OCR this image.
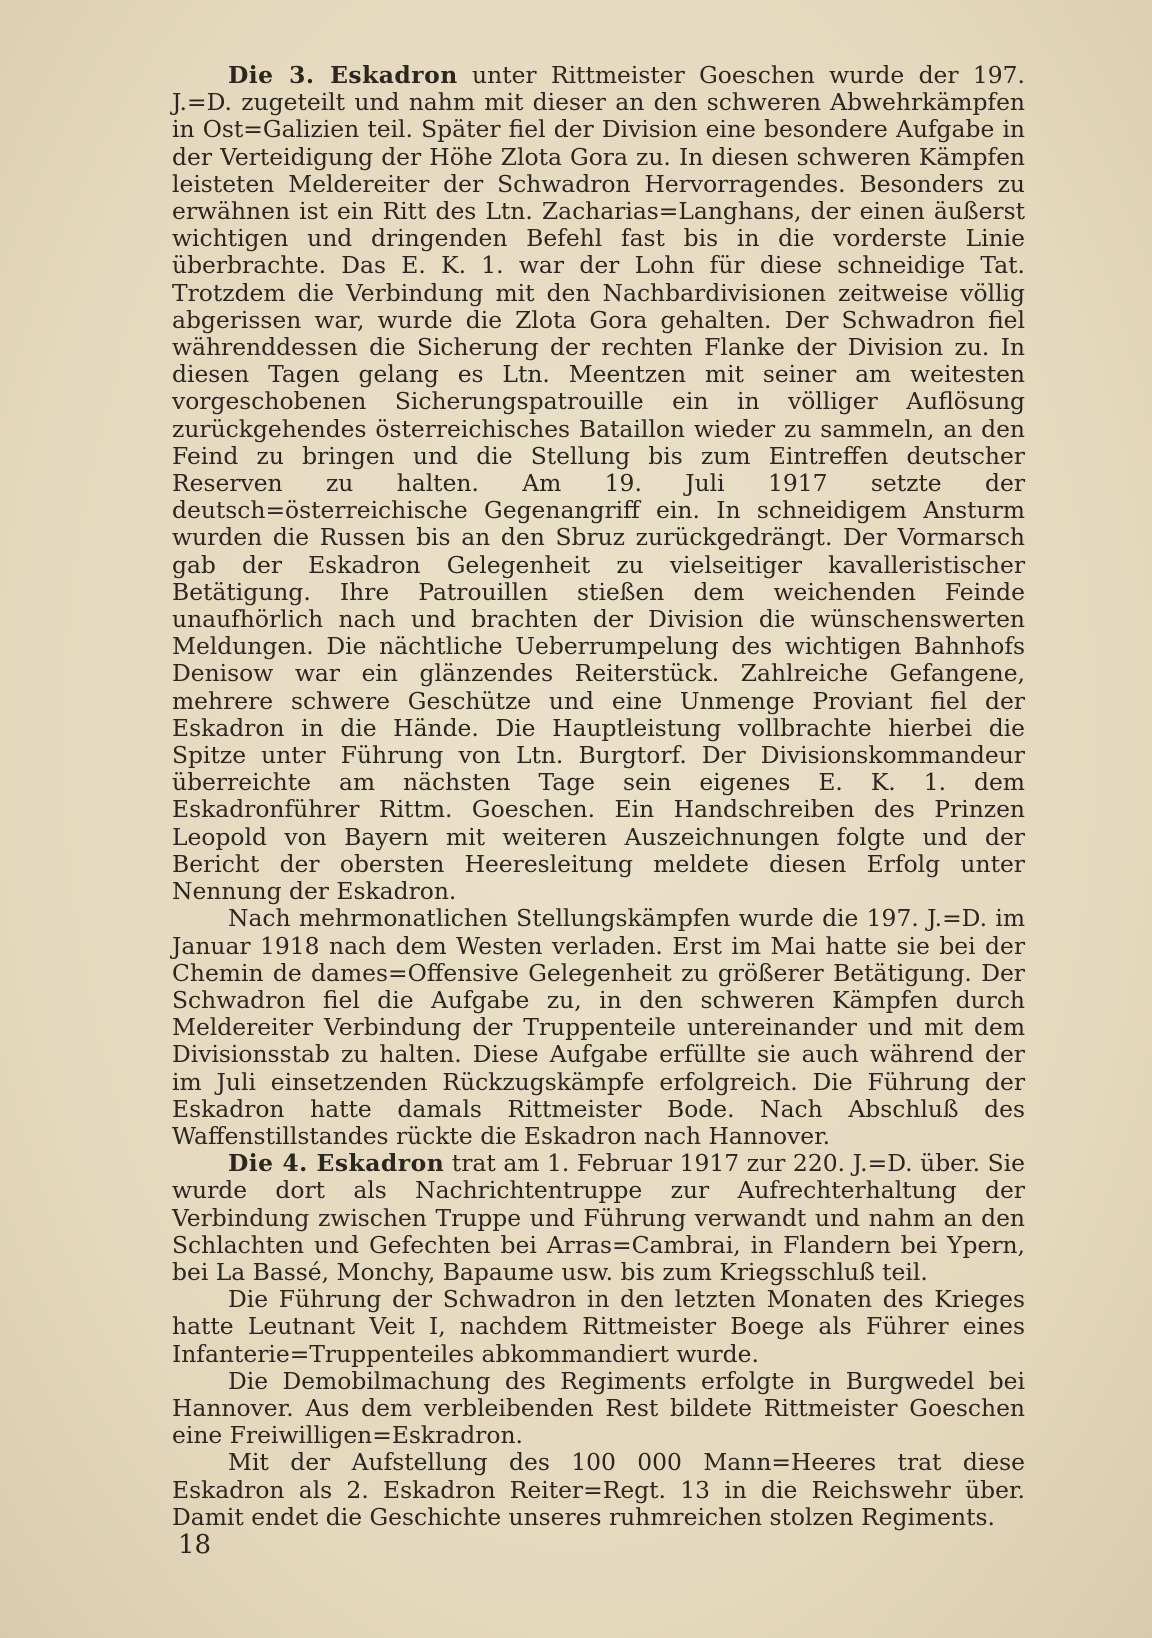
Die 3. Eskadron unter Rittmeister Goeschen wurde der 197. J.=D. zugeteilt und nahm mit dieser an den schweren Abwehrkämpfen in Ost=Galizien teil. Später fiel der Division eine besondere Aufgabe in der Verteidigung der Höhe Zlota Gora zu. In diesen schweren Kämpfen leisteten Meldereiter der Schwadron Hervorragendes. Besonders zu erwähnen ist ein Ritt des Ltn. Zacharias=Langhans, der einen äußerst wichtigen und dringenden Befehl fast bis in die vorderste Linie überbrachte. Das E. K. 1. war der Lohn für diese schneidige Tat. Trotzdem die Verbindung mit den Nachbardivisionen zeitweise völlig abgerissen war, wurde die Zlota Gora gehalten. Der Schwadron fiel währenddessen die Sicherung der rechten Flanke der Division zu. In diesen Tagen gelang es Ltn. Meentzen mit seiner am weitesten vorgeschobenen Sicherungspatrouille ein in völliger Auflösung zurückgehendes österreichisches Bataillon wieder zu sammeln, an den Feind zu bringen und die Stellung bis zum Eintreffen deutscher Reserven zu halten. Am 19. Juli 1917 setzte der deutsch=österreichische Gegenangriff ein. In schneidigem Ansturm wurden die Russen bis an den Sbruz zurückgedrängt. Der Vormarsch gab der Eskadron Gelegenheit zu vielseitiger kavalleristischer Betätigung. Ihre Patrouillen stießen dem weichenden Feinde unaufhörlich nach und brachten der Division die wünschenswerten Meldungen. Die nächtliche Ueberrumpelung des wichtigen Bahnhofs Denisow war ein glänzendes Reiterstück. Zahlreiche Gefangene, mehrere schwere Geschütze und eine Unmenge Proviant fiel der Eskadron in die Hände. Die Hauptleistung vollbrachte hierbei die Spitze unter Führung von Ltn. Burgtorf. Der Divisionskommandeur überreichte am nächsten Tage sein eigenes E. K. 1. dem Eskadronführer Rittm. Goeschen. Ein Handschreiben des Prinzen Leopold von Bayern mit weiteren Auszeichnungen folgte und der Bericht der obersten Heeresleitung meldete diesen Erfolg unter Nennung der Eskadron.

Nach mehrmonatlichen Stellungskämpfen wurde die 197. J.=D. im Januar 1918 nach dem Westen verladen. Erst im Mai hatte sie bei der Chemin de dames=Offensive Gelegenheit zu größerer Betätigung. Der Schwadron fiel die Aufgabe zu, in den schweren Kämpfen durch Meldereiter Verbindung der Truppenteile untereinander und mit dem Divisionsstab zu halten. Diese Aufgabe erfüllte sie auch während der im Juli einsetzenden Rückzugskämpfe erfolgreich. Die Führung der Eskadron hatte damals Rittmeister Bode. Nach Abschluß des Waffenstillstandes rückte die Eskadron nach Hannover.

Die 4. Eskadron trat am 1. Februar 1917 zur 220. J.=D. über. Sie wurde dort als Nachrichtentruppe zur Aufrechterhaltung der Verbindung zwischen Truppe und Führung verwandt und nahm an den Schlachten und Gefechten bei Arras=Cambrai, in Flandern bei Ypern, bei La Bassé, Monchy, Bapaume usw. bis zum Kriegsschluß teil.

Die Führung der Schwadron in den letzten Monaten des Krieges hatte Leutnant Veit I, nachdem Rittmeister Boege als Führer eines Infanterie=Truppenteiles abkommandiert wurde.

Die Demobilmachung des Regiments erfolgte in Burgwedel bei Hannover. Aus dem verbleibenden Rest bildete Rittmeister Goeschen eine Freiwilligen=Eskradron.

Mit der Aufstellung des 100 000 Mann=Heeres trat diese Eskadron als 2. Eskadron Reiter=Regt. 13 in die Reichswehr über. Damit endet die Geschichte unseres ruhmreichen stolzen Regiments.

18
